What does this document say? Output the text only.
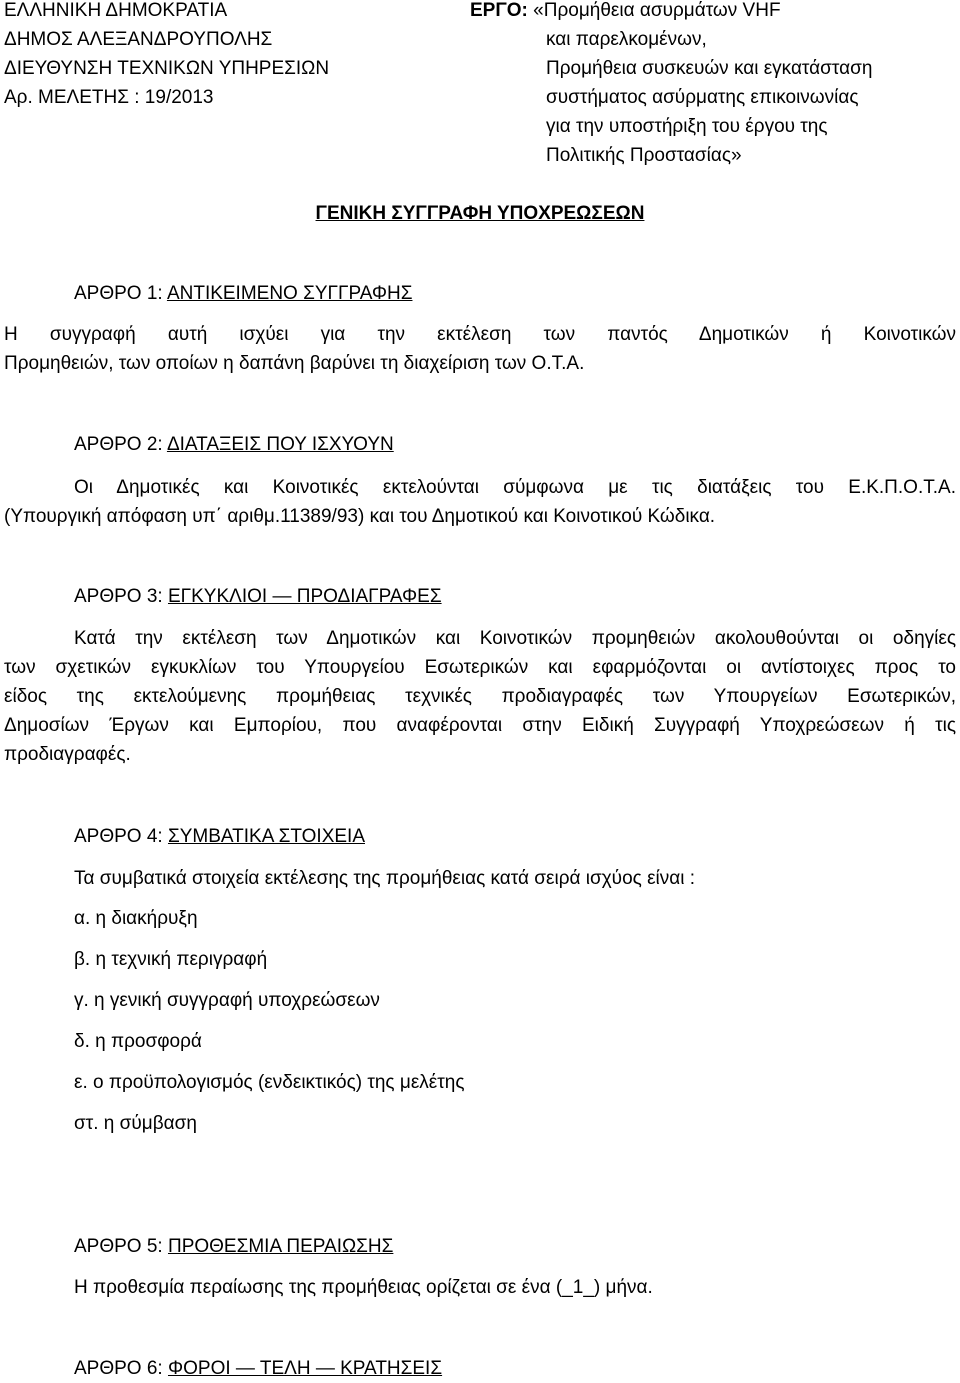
ΕΛΛΗΝΙΚΗ ΔΗΜΟΚΡΑΤΙΑ
ΔΗΜΟΣ ΑΛΕΞΑΝΔΡΟΥΠΟΛΗΣ
ΔΙΕΥΘΥΝΣΗ ΤΕΧΝΙΚΩΝ ΥΠΗΡΕΣΙΩΝ
Αρ. ΜΕΛΕΤΗΣ : 19/2013
ΕΡΓΟ: «Προμήθεια ασυρμάτων VHF
και παρελκομένων,
Προμήθεια συσκευών και εγκατάσταση
συστήματος ασύρματης επικοινωνίας
για την υποστήριξη του έργου της
Πολιτικής Προστασίας»
ΓΕΝΙΚΗ ΣΥΓΓΡΑΦΗ ΥΠΟΧΡΕΩΣΕΩΝ
ΑΡΘΡΟ 1: ΑΝΤΙΚΕΙΜΕΝΟ ΣΥΓΓΡΑΦΗΣ
Η συγγραφή αυτή ισχύει για την εκτέλεση των παντός Δημοτικών ή Κοινοτικών
Προμηθειών, των οποίων η δαπάνη βαρύνει τη διαχείριση των Ο.Τ.Α.
ΑΡΘΡΟ 2: ΔΙΑΤΑΞΕΙΣ ΠΟΥ ΙΣΧΥΟΥΝ
Οι Δημοτικές και Κοινοτικές εκτελούνται σύμφωνα με τις διατάξεις του Ε.Κ.Π.Ο.Τ.Α.
(Υπουργική απόφαση υπ΄ αριθμ.11389/93) και του Δημοτικού και Κοινοτικού Κώδικα.
ΑΡΘΡΟ 3: ΕΓΚΥΚΛΙΟΙ — ΠΡΟΔΙΑΓΡΑΦΕΣ
Κατά την εκτέλεση των Δημοτικών και Κοινοτικών προμηθειών ακολουθούνται οι οδηγίες
των σχετικών εγκυκλίων του Υπουργείου Εσωτερικών και εφαρμόζονται οι αντίστοιχες προς το
είδος της εκτελούμενης προμήθειας τεχνικές προδιαγραφές των Υπουργείων Εσωτερικών,
Δημοσίων Έργων και Εμπορίου, που αναφέρονται στην Ειδική Συγγραφή Υποχρεώσεων ή τις
προδιαγραφές.
ΑΡΘΡΟ 4: ΣΥΜΒΑΤΙΚΑ ΣΤΟΙΧΕΙΑ
Τα συμβατικά στοιχεία εκτέλεσης της προμήθειας κατά σειρά ισχύος είναι :
α. η διακήρυξη
β. η τεχνική περιγραφή
γ. η γενική συγγραφή υποχρεώσεων
δ. η προσφορά
ε. ο προϋπολογισμός (ενδεικτικός) της μελέτης
στ. η σύμβαση
ΑΡΘΡΟ 5: ΠΡΟΘΕΣΜΙΑ ΠΕΡΑΙΩΣΗΣ
Η προθεσμία περαίωσης της προμήθειας ορίζεται σε ένα (_1_) μήνα.
ΑΡΘΡΟ 6: ΦΟΡΟΙ — ΤΕΛΗ — ΚΡΑΤΗΣΕΙΣ
